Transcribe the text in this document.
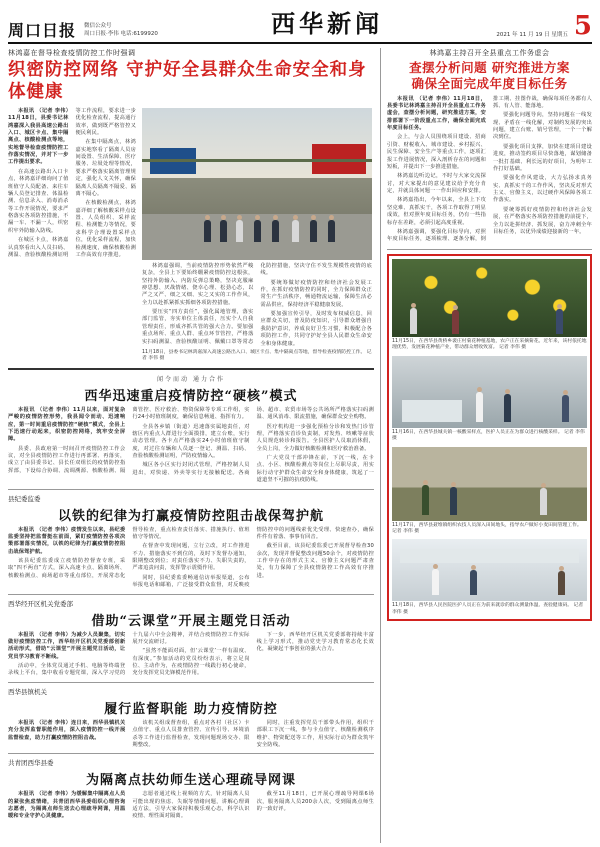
周口日报	微信公众号
周口日报·李伟 电话:6199920	西华新闻	2021 年 11 月 19 日 星期五 5
林鸿嘉在督导检查疫情防控工作时强调
织密防控网络 守护好全县群众生命安全和身体健康

本报讯 （记者 李伟）11月18日，县委书记林鸿嘉深入我县高速公路出入口、城区卡点、集中隔离点、核酸检测点等地，实地督导检查疫情防控工作落实情况，并对下一步工作提出要求。

在高速公路出入口卡点，林鸿嘉详细询问了值班值守人员配备、来往车辆人员登记排查、体温检测、信息录入、消毒消杀等工作开展情况，要求严格落实各项防控措施，不漏一车、不漏一人，织密织牢外防输入防线。

在城区卡点，林鸿嘉认真察看出入人员扫码、测温、查验核酸检测证明等工作流程，要求进一步优化检查流程，提高通行效率，做到既严格管控又便民利民。

在集中隔离点，林鸿嘉实地察看了隔离人员房间设置、生活保障、医疗服务、垃圾处理等情况，要求严格落实隔离管理规定，强化人文关怀，确保隔离人员隔离不隔爱、隔离不隔心。

在核酸检测点，林鸿嘉详细了解核酸采样点设置、人员组织、采样流程、检测能力等情况，要求科学合理设置采样点位，优化采样流程，加快检测速度，确保核酸检测工作高效有序推进。

林鸿嘉强调，当前疫情防控形势依然严峻复杂，全县上下要始终绷紧疫情防控这根弦，坚持外防输入、内防反弹总策略，坚决克服麻痹思想、厌战情绪、侥幸心理、松劲心态，以严之又严、细之又细、实之又实的工作作风，全力以赴抓紧抓实抓细各项防控措施。

要压实“四方责任”，强化属地管理，落实部门监管，夯实单位主体责任，压实个人自我管理责任，形成齐抓共管的强大合力。要加强重点场所、重点人群、重点环节管控，严格落实扫码测温、查验核酸证明、佩戴口罩等常态化防控措施，坚决守住不发生规模性疫情的底线。

要统筹做好疫情防控和经济社会发展工作，在抓好疫情防控的同时，全力保障群众正常生产生活秩序，畅通物流运输，保障生活必需品供应，保持经济平稳健康发展。

要加强宣传引导，及时发布权威信息，回应群众关切，普及防疫知识，引导群众增强自我防护意识，养成良好卫生习惯，积极配合各项防控工作，共同守护好全县人民群众生命安全和身体健康。

11月18日，县委书记林鸿嘉深入高速公路出入口、城区卡点、集中隔离点等地，督导检查疫情防控工作。 记者 李伟 摄
闻令而动 通力合作
西华迅速重启疫情防控“硬核”模式

本报讯 （记者 李伟）11月以来，面对复杂严峻的疫情防控形势，我县闻令而动、迅速响应，第一时间重启疫情防控“硬核”模式，全县上下迅速行动起来，织密防控网络，筑牢安全屏障。

县委、县政府第一时间召开疫情防控工作会议，对全县疫情防控工作进行再部署、再落实，成立了由县委书记、县长任双组长的疫情防控指挥部，下设综合协调、流调溯源、核酸检测、隔离管控、医疗救治、物资保障等专项工作组，实行24小时值班制度，确保信息畅通、指挥有力。

全县各乡镇（街道）迅速落实属地责任，对辖区内重点人群进行全面摸排，建立台账，实行动态管理。各卡点严格落实24小时值班值守制度，对过往车辆和人员逐一登记、测温、扫码、查验核酸检测证明，严防疫情输入。

城区各小区实行封闭式管理，严格控制人员进出，对快递、外卖等实行无接触配送。各商场、超市、农贸市场等公共场所严格落实扫码测温、通风消毒、限流措施，确保群众安全购物。

医疗机构进一步强化预检分诊和发热门诊管理，严格落实首诊负责制，对发热、咳嗽等症状人员规范转诊和报告。全县医护人员取消休假，全员上岗，全力做好核酸检测和医疗救治准备。

广大党员干部冲锋在前，下沉一线，在卡点、小区、核酸检测点等岗位上尽职尽责，用实际行动守护群众生命安全和身体健康，筑起了一道道坚不可摧的抗疫防线。

县纪委监委
以铁的纪律为打赢疫情防控阻击战保驾护航

本报讯 （记者 李伟）疫情发生以来，县纪委监委坚持把监督挺在前面，紧盯疫情防控各项决策部署落实情况，以铁的纪律为打赢疫情防控阻击战保驾护航。

该县纪委监委成立疫情防控督查专班，采取“四不两直”方式，深入高速卡点、隔离场所、核酸检测点、商场超市等重点部位，开展常态化督导检查，重点检查责任落实、措施执行、值班值守等情况。

在督查中发现问题，立行立改，对工作推进不力、措施落实不到位的，及时下发督办通知，限期整改到位；对责任落实不力、失职失责的，严肃追责问责，发挥警示震慑作用。

同时，县纪委监委畅通信访举报渠道，公布举报电话和邮箱，广泛接受群众监督，对反映疫情防控中的问题线索优先受理、快速查办，确保件件有着落、事事有回音。

截至目前，该县纪委监委已开展督导检查30余次，发现并督促整改问题50余个，对疫情防控工作中存在的形式主义、官僚主义问题严肃查处，有力保障了全县疫情防控工作高效有序推进。

西华经开区机关党委部
借助“云课堂”开展主题党日活动

本报讯 （记者 李伟）为减少人员聚集，切实做好疫情防控工作，西华经开区机关党委部创新活动形式，借助“云课堂”开展主题党日活动，让党员学习教育不断线。

活动中，全体党员通过手机、电脑等终端登录线上平台，集中收看专题党课，深入学习党的十九届六中全会精神，并结合疫情防控工作实际展开交流研讨。

“虽然不能面对面，但‘云课堂’一样有温度、有深度。”参加活动的党员纷纷表示，将立足岗位、主动作为，在疫情防控一线践行初心使命，充分发挥党员先锋模范作用。

下一步，西华经开区机关党委部将持续丰富线上学习形式，推动党史学习教育常态化长效化，凝聚起干事创业的强大合力。

西华县镇机关
履行监督职能 助力疫情防控

本报讯 （记者 李伟）连日来，西华县镇机关充分发挥监督职能作用，深入疫情防控一线开展监督检查，助力打赢疫情防控阻击战。

该机关组成督查组，重点对各村（社区）卡点值守、重点人员排查管控、宣传引导、环境消杀等工作进行监督检查，发现问题现场交办、限期整改。

同时，注重发挥党员干部带头作用，组织干部职工下沉一线，参与卡点值守、核酸检测秩序维护、物资配送等工作，用实际行动为群众筑牢安全防线。

共青团西华县委
为隔离点扶幼师生送心理疏导网课

本报讯 （记者 李伟）为缓解集中隔离点人员的紧张焦虑情绪，共青团西华县委组织心理咨询志愿者，为隔离点师生送去心理疏导网课，用温暖和专业守护心灵健康。

志愿者通过线上视频的方式，针对隔离人员可能出现的焦虑、失眠等情绪问题，讲解心理调适方法，引导大家保持积极乐观心态，科学认识疫情、理性面对隔离。

截至11月18日，已开展心理疏导网课6场次，服务隔离人员200余人次，受到隔离点师生的一致好评。

林鸿嘉主持召开全县重点工作务虚会
查摆分析问题 研究推进方案
确保全面完成年度目标任务

本报讯 （记者 李伟）11月18日，县委书记林鸿嘉主持召开全县重点工作务虚会，查摆分析问题，研究推进方案，安排部署下一阶段重点工作，确保全面完成年度目标任务。

会上，与会人员围绕项目建设、招商引资、财税收入、城市建设、乡村振兴、民生保障、安全生产等重点工作，逐项汇报工作进展情况，深入剖析存在的问题和短板，并提出下一步推进措施。

林鸿嘉边听边记，不时与大家交流探讨，对大家提出的意见建议给予充分肯定，并就具体问题一一作出回应和安排。

林鸿嘉指出，今年以来，全县上下攻坚克难、真抓实干，各项工作取得了明显成效，但对照年度目标任务，仍有一些指标存在差距，必须引起高度重视。

林鸿嘉强调，要强化目标导向，对照年度目标任务，逐项梳理、逐条分解，倒排工期、挂图作战，确保每项任务都有人抓、有人管、能落地。

要强化问题导向，坚持问题在一线发现、矛盾在一线化解，对制约发展的突出问题，建立台账、销号管理，一个一个解决到位。

要强化项目支撑，加快在建项目建设进度，推动签约项目尽快落地，谋划储备一批打基础、利长远的好项目，为明年工作打好基础。

要强化作风建设，大力弘扬求真务实、真抓实干的工作作风，坚决反对形式主义、官僚主义，以过硬作风保障各项工作落实。

要统筹抓好疫情防控和经济社会发展，在严格落实各项防控措施的前提下，全力以赴拼经济、抓发展，奋力冲刺全年目标任务，以优异成绩迎接新的一年。

11月15日，在西华县黄桥乡裴庄村菊花种植基地，农户正在采摘菊花。近年来，该村依托地理优势，发展菊花种植产业，带动群众增收致富。 记者 李伟 摄
11月16日，在西华县城关镇一核酸采样点，医护人员正在为群众进行核酸采样。 记者 李伟 摄
11月17日，西华县聂堆镇组织农技人员深入田间地头，指导农户做好小麦田间管理工作。 记者 李伟 摄
11月18日，西华县人民医院医护人员正在为前来就诊的群众测量体温、查验健康码。 记者 李伟 摄
